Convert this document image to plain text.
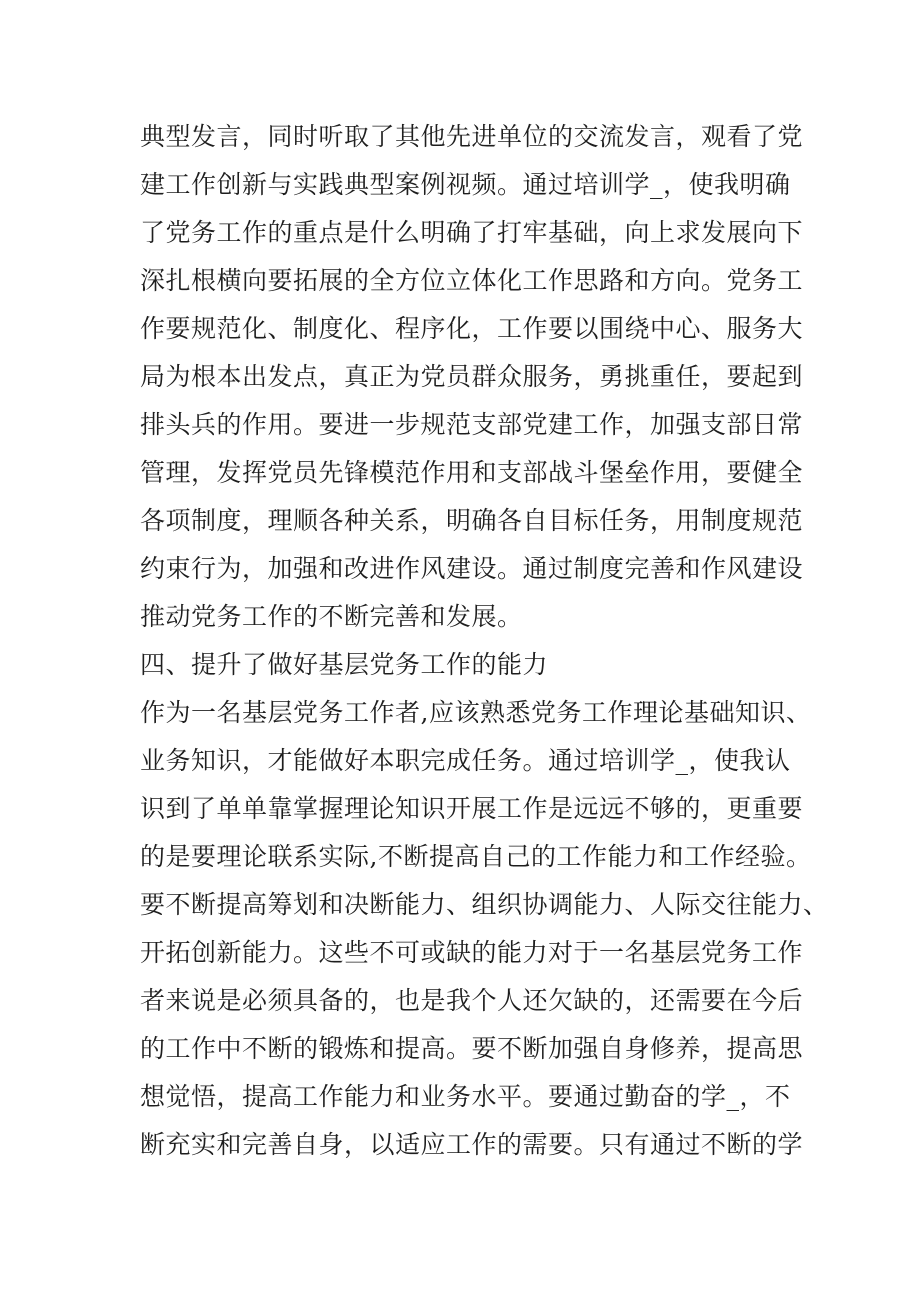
典型发言，同时听取了其他先进单位的交流发言，观看了党
建工作创新与实践典型案例视频。通过培训学_，使我明确
了党务工作的重点是什么明确了打牢基础，向上求发展向下
深扎根横向要拓展的全方位立体化工作思路和方向。党务工
作要规范化、制度化、程序化，工作要以围绕中心、服务大
局为根本出发点，真正为党员群众服务，勇挑重任，要起到
排头兵的作用。要进一步规范支部党建工作，加强支部日常
管理，发挥党员先锋模范作用和支部战斗堡垒作用，要健全
各项制度，理顺各种关系，明确各自目标任务，用制度规范
约束行为，加强和改进作风建设。通过制度完善和作风建设
推动党务工作的不断完善和发展。
四、提升了做好基层党务工作的能力
作为一名基层党务工作者,应该熟悉党务工作理论基础知识、
业务知识，才能做好本职完成任务。通过培训学_，使我认
识到了单单靠掌握理论知识开展工作是远远不够的，更重要
的是要理论联系实际,不断提高自己的工作能力和工作经验。
要不断提高筹划和决断能力、组织协调能力、人际交往能力、
开拓创新能力。这些不可或缺的能力对于一名基层党务工作
者来说是必须具备的，也是我个人还欠缺的，还需要在今后
的工作中不断的锻炼和提高。要不断加强自身修养，提高思
想觉悟，提高工作能力和业务水平。要通过勤奋的学_，不
断充实和完善自身，以适应工作的需要。只有通过不断的学
